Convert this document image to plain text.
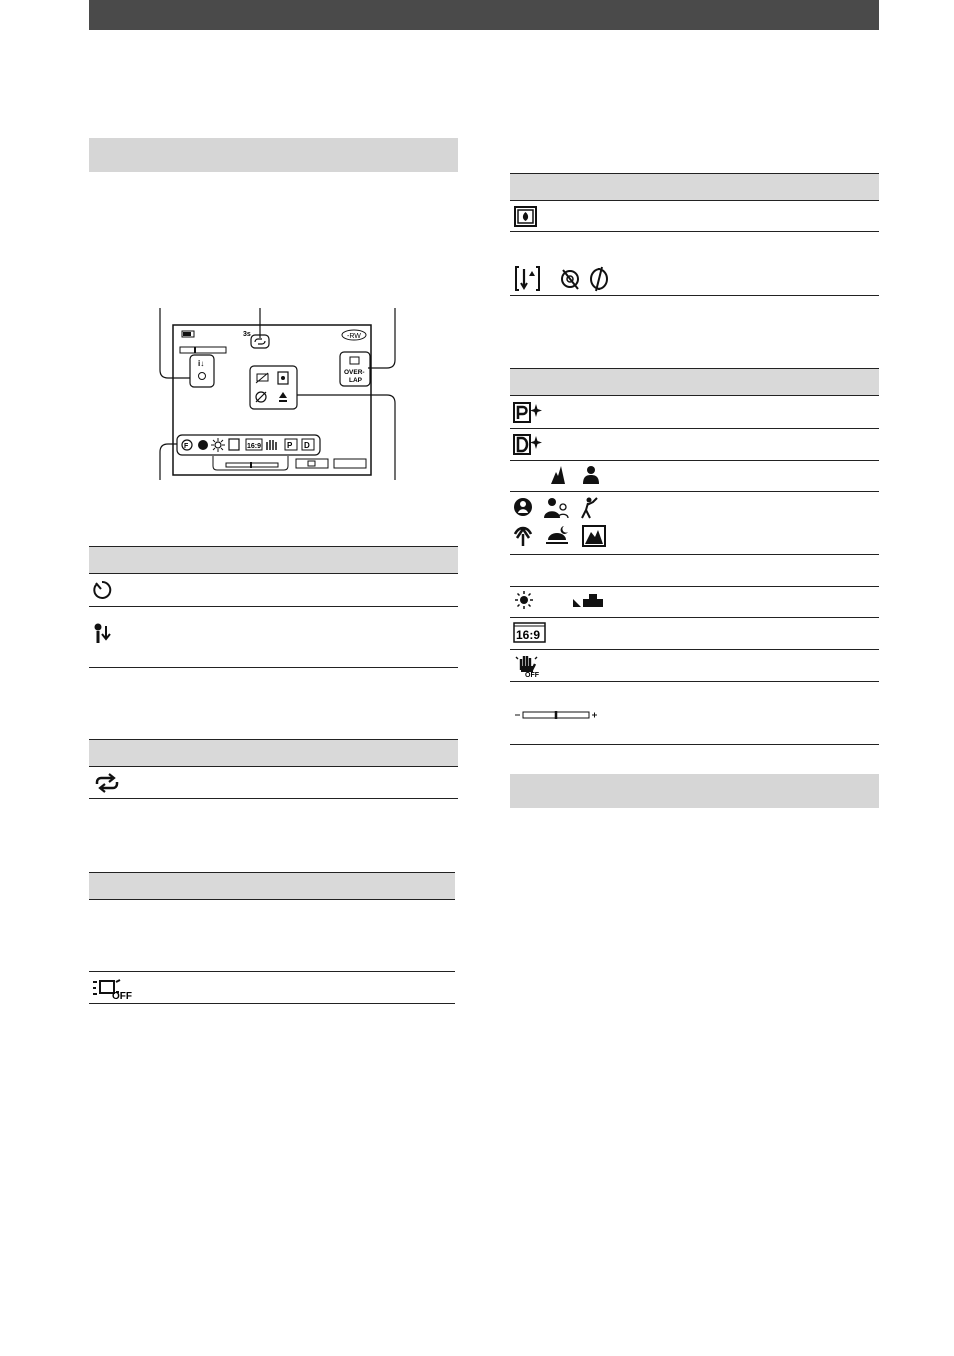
3s	-RW
i↓
OVER-
LAP
F	16:9	P D
OFF
16:9
OFF
